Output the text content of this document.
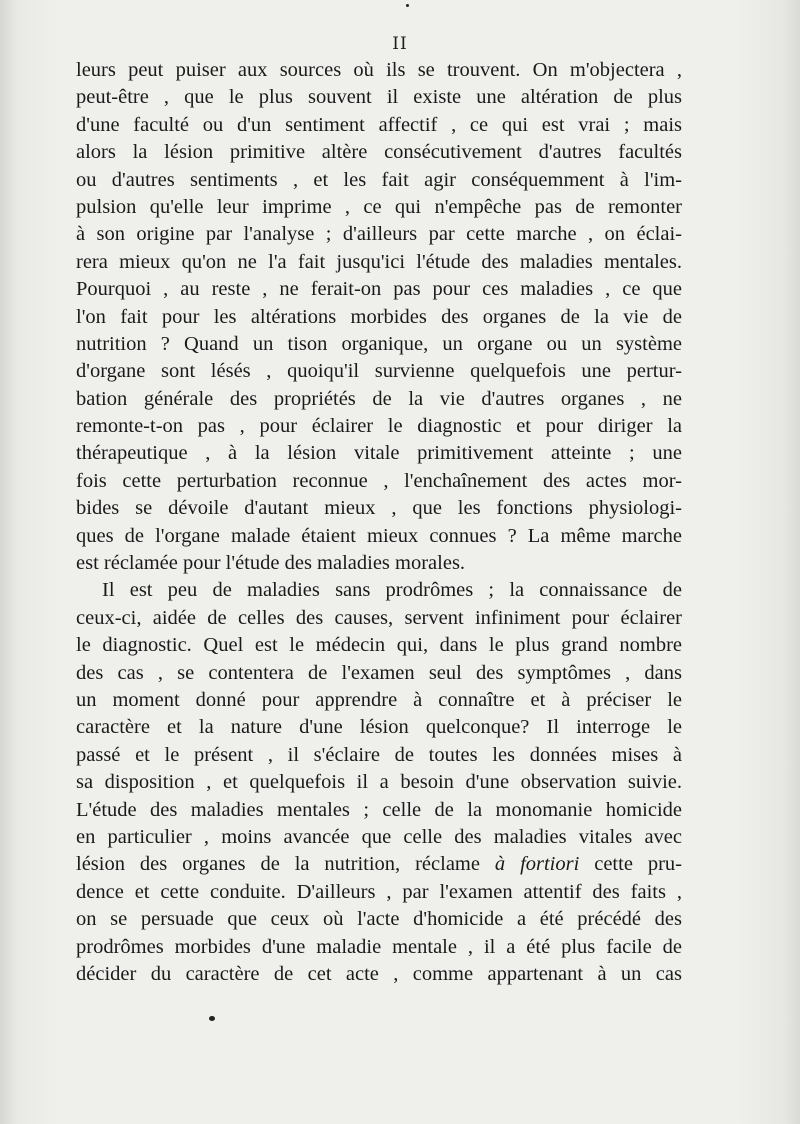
II
leurs peut puiser aux sources où ils se trouvent. On m'objectera ,
peut-être , que le plus souvent il existe une altération de plus
d'une faculté ou d'un sentiment affectif , ce qui est vrai ; mais
alors la lésion primitive altère consécutivement d'autres facultés
ou d'autres sentiments , et les fait agir conséquemment à l'im-
pulsion qu'elle leur imprime , ce qui n'empêche pas de remonter
à son origine par l'analyse ; d'ailleurs par cette marche , on éclai-
rera mieux qu'on ne l'a fait jusqu'ici l'étude des maladies mentales.
Pourquoi , au reste , ne ferait-on pas pour ces maladies , ce que
l'on fait pour les altérations morbides des organes de la vie de
nutrition ? Quand un tison organique, un organe ou un système
d'organe sont lésés , quoiqu'il survienne quelquefois une pertur-
bation générale des propriétés de la vie d'autres organes , ne
remonte-t-on pas , pour éclairer le diagnostic et pour diriger la
thérapeutique , à la lésion vitale primitivement atteinte ; une
fois cette perturbation reconnue , l'enchaînement des actes mor-
bides se dévoile d'autant mieux , que les fonctions physiologi-
ques de l'organe malade étaient mieux connues ? La même marche
est réclamée pour l'étude des maladies morales.
Il est peu de maladies sans prodrômes ; la connaissance de
ceux-ci, aidée de celles des causes, servent infiniment pour éclairer
le diagnostic. Quel est le médecin qui, dans le plus grand nombre
des cas , se contentera de l'examen seul des symptômes , dans
un moment donné pour apprendre à connaître et à préciser le
caractère et la nature d'une lésion quelconque? Il interroge le
passé et le présent , il s'éclaire de toutes les données mises à
sa disposition , et quelquefois il a besoin d'une observation suivie.
L'étude des maladies mentales ; celle de la monomanie homicide
en particulier , moins avancée que celle des maladies vitales avec
lésion des organes de la nutrition, réclame à fortiori cette pru-
dence et cette conduite. D'ailleurs , par l'examen attentif des faits ,
on se persuade que ceux où l'acte d'homicide a été précédé des
prodrômes morbides d'une maladie mentale , il a été plus facile de
décider du caractère de cet acte , comme appartenant à un cas
